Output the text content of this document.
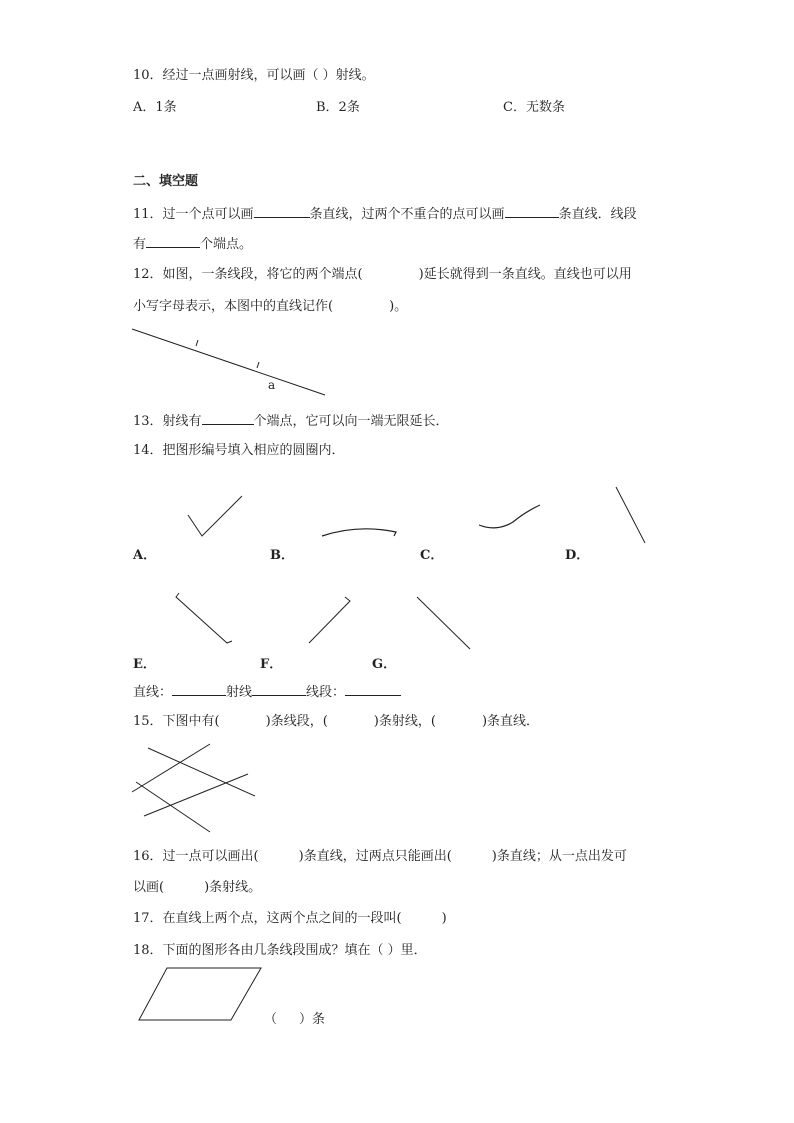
10．经过一点画射线，可以画（ ）射线。
A．1条	B．2条	C．无数条
二、填空题
11．过一个点可以画	条直线，过两个不重合的点可以画	条直线．线段
有	个端点。
12．如图，一条线段，将它的两个端点(	)延长就得到一条直线。直线也可以用
小写字母表示，本图中的直线记作(	)。
a
13．射线有	个端点，它可以向一端无限延长．
14．把图形编号填入相应的圆圈内．
A．	B．	C．	D．
E．	F．	G．
直线：	射线	线段：
15．下图中有(	)条线段，(	)条射线，(	)条直线．
16．过一点可以画出(	)条直线，过两点只能画出(	)条直线；从一点出发可
以画(	)条射线。
17．在直线上两个点，这两个点之间的一段叫(	)
18．下面的图形各由几条线段围成？填在（ ）里．
（ ）条
